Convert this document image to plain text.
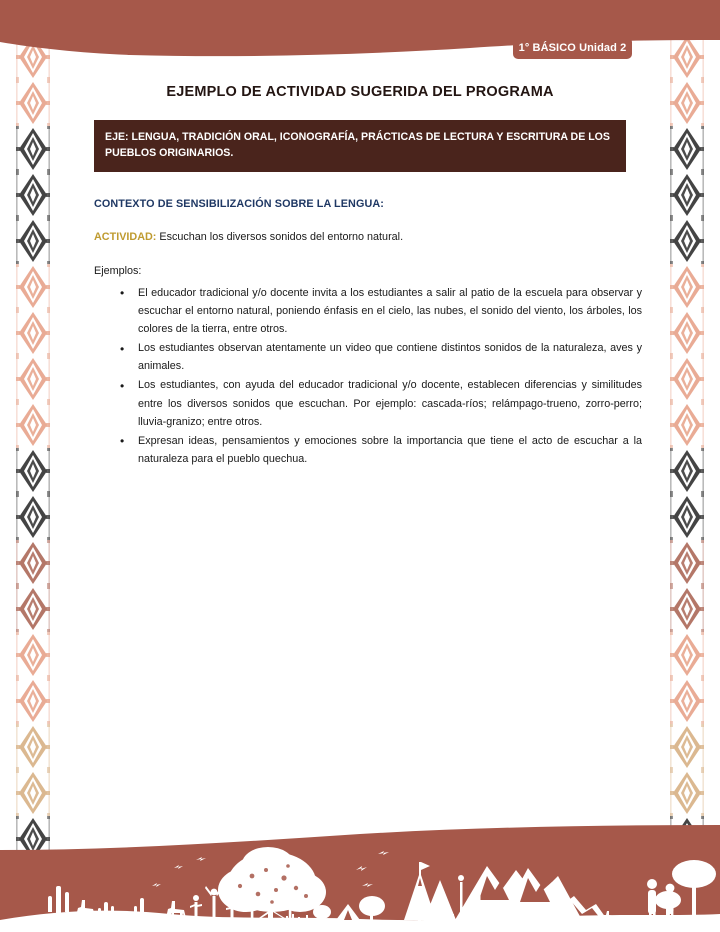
1° BÁSICO Unidad 2
EJEMPLO DE ACTIVIDAD SUGERIDA DEL PROGRAMA
EJE: LENGUA, TRADICIÓN ORAL, ICONOGRAFÍA, PRÁCTICAS DE LECTURA Y ESCRITURA DE LOS PUEBLOS ORIGINARIOS.
CONTEXTO DE SENSIBILIZACIÓN SOBRE LA LENGUA:
ACTIVIDAD: Escuchan los diversos sonidos del entorno natural.
Ejemplos:
• El educador tradicional y/o docente invita a los estudiantes a salir al patio de la escuela para observar y escuchar el entorno natural, poniendo énfasis en el cielo, las nubes, el sonido del viento, los árboles, los colores de la tierra, entre otros.
• Los estudiantes observan atentamente un video que contiene distintos sonidos de la naturaleza, aves y animales.
• Los estudiantes, con ayuda del educador tradicional y/o docente, establecen diferencias y similitudes entre los diversos sonidos que escuchan. Por ejemplo: cascada-ríos; relámpago-trueno, zorro-perro; lluvia-granizo; entre otros.
• Expresan ideas, pensamientos y emociones sobre la importancia que tiene el acto de escuchar a la naturaleza para el pueblo quechua.
